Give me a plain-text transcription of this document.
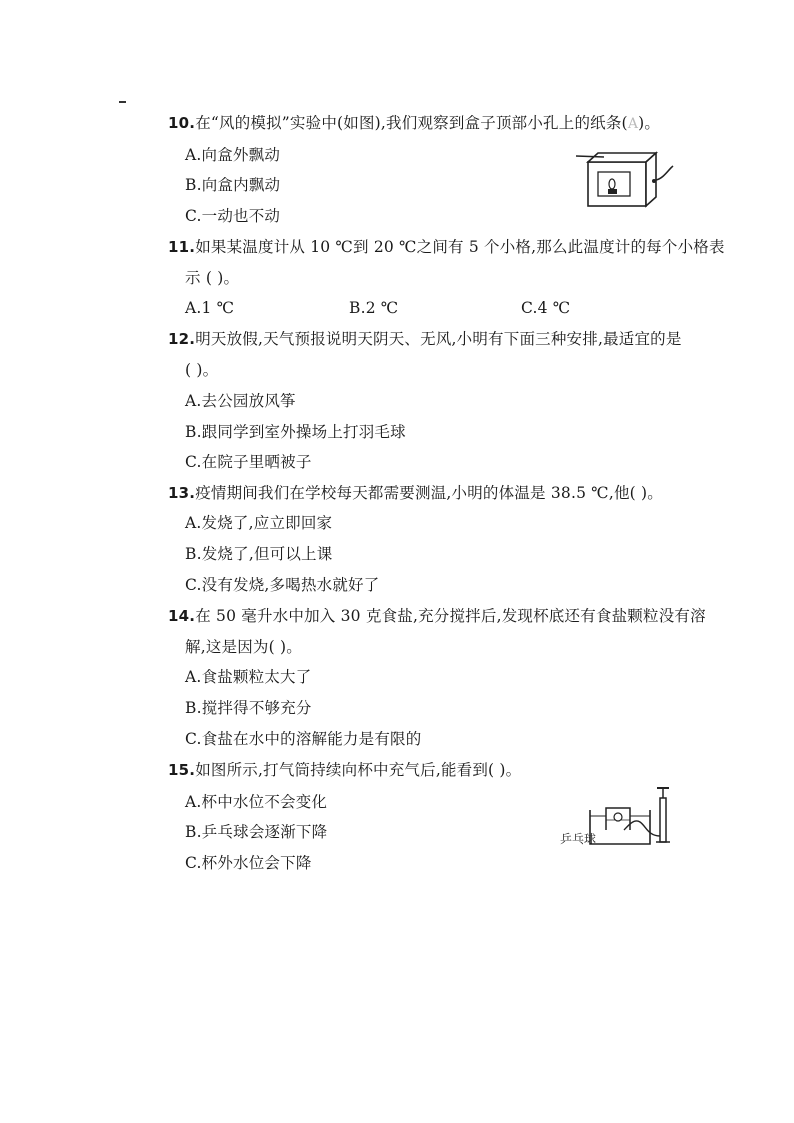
10.在“风的模拟”实验中(如图),我们观察到盒子顶部小孔上的纸条(A)。
A.向盒外飘动
B.向盒内飘动
C.一动也不动
11.如果某温度计从 10 ℃到 20 ℃之间有 5 个小格,那么此温度计的每个小格表
示 ( )。
A.1 ℃	B.2 ℃	C.4 ℃
12.明天放假,天气预报说明天阴天、无风,小明有下面三种安排,最适宜的是
( )。
A.去公园放风筝
B.跟同学到室外操场上打羽毛球
C.在院子里晒被子
13.疫情期间我们在学校每天都需要测温,小明的体温是 38.5 ℃,他( )。
A.发烧了,应立即回家
B.发烧了,但可以上课
C.没有发烧,多喝热水就好了
14.在 50 毫升水中加入 30 克食盐,充分搅拌后,发现杯底还有食盐颗粒没有溶
解,这是因为( )。
A.食盐颗粒太大了
B.搅拌得不够充分
C.食盐在水中的溶解能力是有限的
15.如图所示,打气筒持续向杯中充气后,能看到( )。
A.杯中水位不会变化
B.乒乓球会逐渐下降
C.杯外水位会下降
乒乓球
